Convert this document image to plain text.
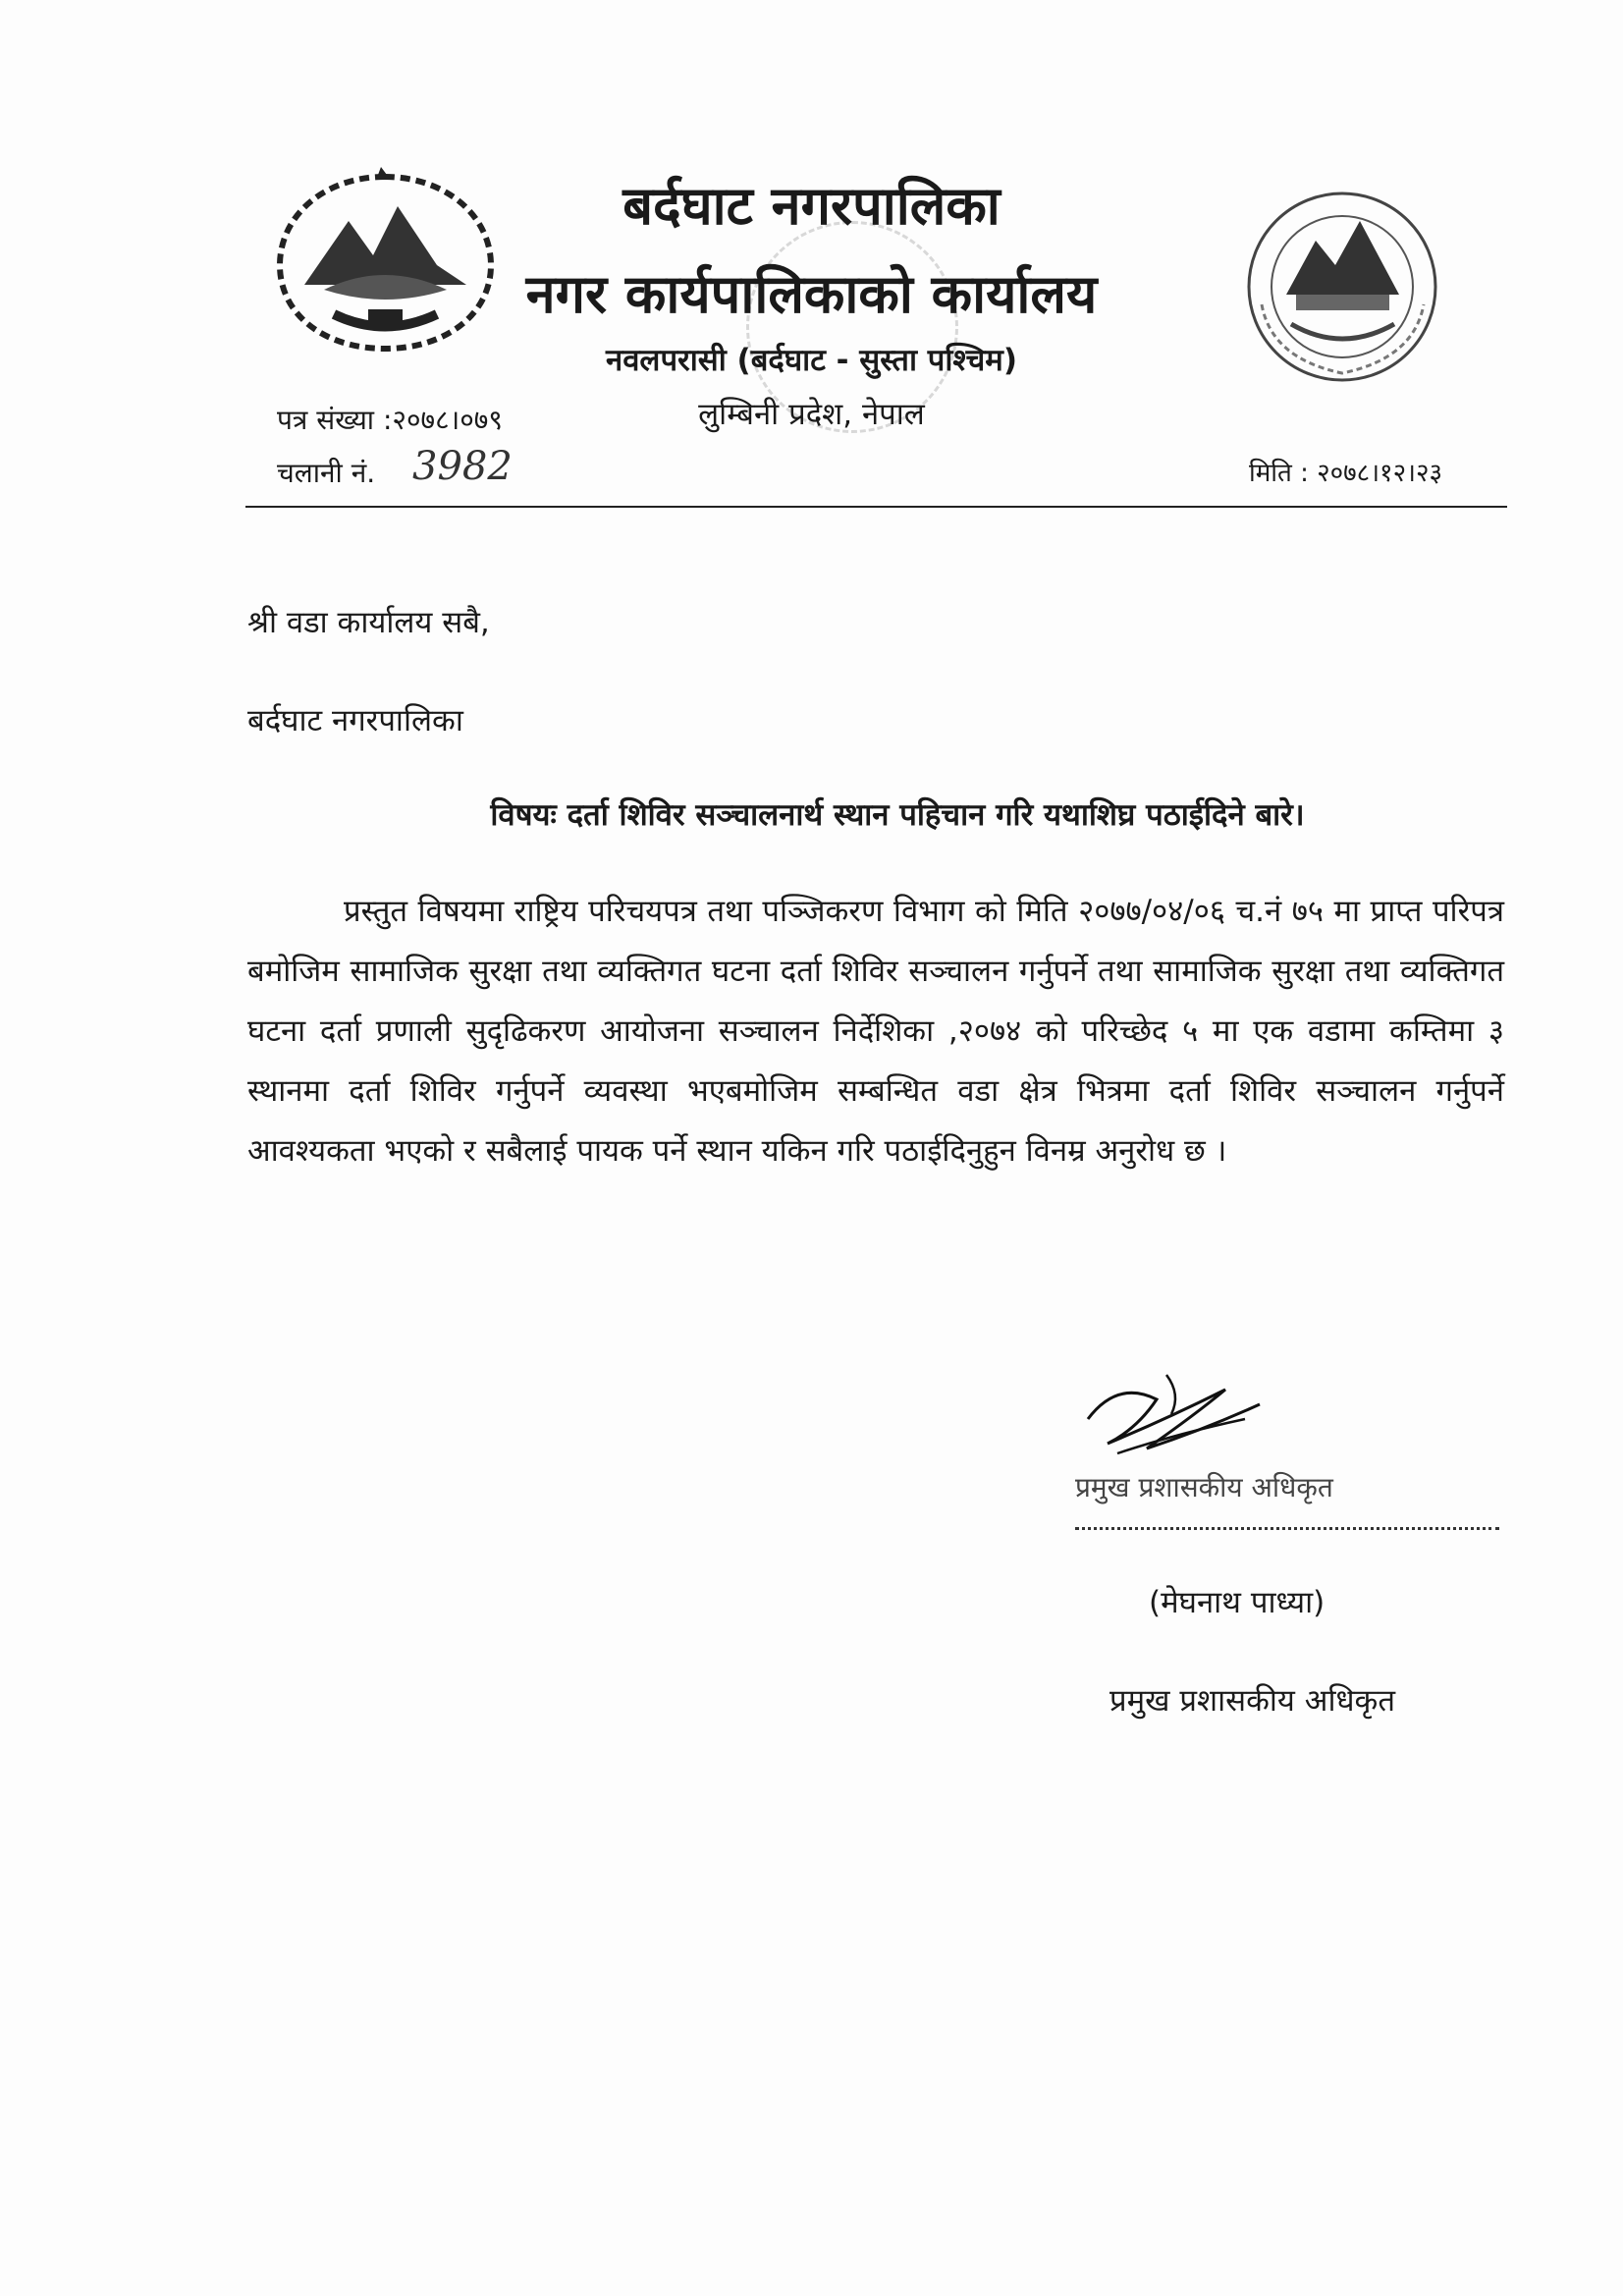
बर्दघाट नगरपालिका
नगर कार्यपालिकाको कार्यालय
नवलपरासी (बर्दघाट - सुस्ता पश्चिम)
लुम्बिनी प्रदेश, नेपाल
पत्र संख्या :२०७८।०७९
चलानी नं. 3982	मिति : २०७८।१२।२३
श्री वडा कार्यालय सबै,
बर्दघाट नगरपालिका
विषयः दर्ता शिविर सञ्चालनार्थ स्थान पहिचान गरि यथाशिघ्र पठाईदिने बारे।
प्रस्तुत विषयमा राष्ट्रिय परिचयपत्र तथा पञ्जिकरण विभाग को मिति २०७७/०४/०६ च.नं ७५ मा प्राप्त परिपत्र बमोजिम सामाजिक सुरक्षा तथा व्यक्तिगत घटना दर्ता शिविर सञ्चालन गर्नुपर्ने तथा सामाजिक सुरक्षा तथा व्यक्तिगत घटना दर्ता प्रणाली सुदृढिकरण आयोजना सञ्चालन निर्देशिका ,२०७४ को परिच्छेद ५ मा एक वडामा कम्तिमा ३ स्थानमा दर्ता शिविर गर्नुपर्ने व्यवस्था भएबमोजिम सम्बन्धित वडा क्षेत्र भित्रमा दर्ता शिविर सञ्चालन गर्नुपर्ने आवश्यकता भएको र सबैलाई पायक पर्ने स्थान यकिन गरि पठाईदिनुहुन विनम्र अनुरोध छ ।
प्रमुख प्रशासकीय अधिकृत
(मेघनाथ पाध्या)
प्रमुख प्रशासकीय अधिकृत
